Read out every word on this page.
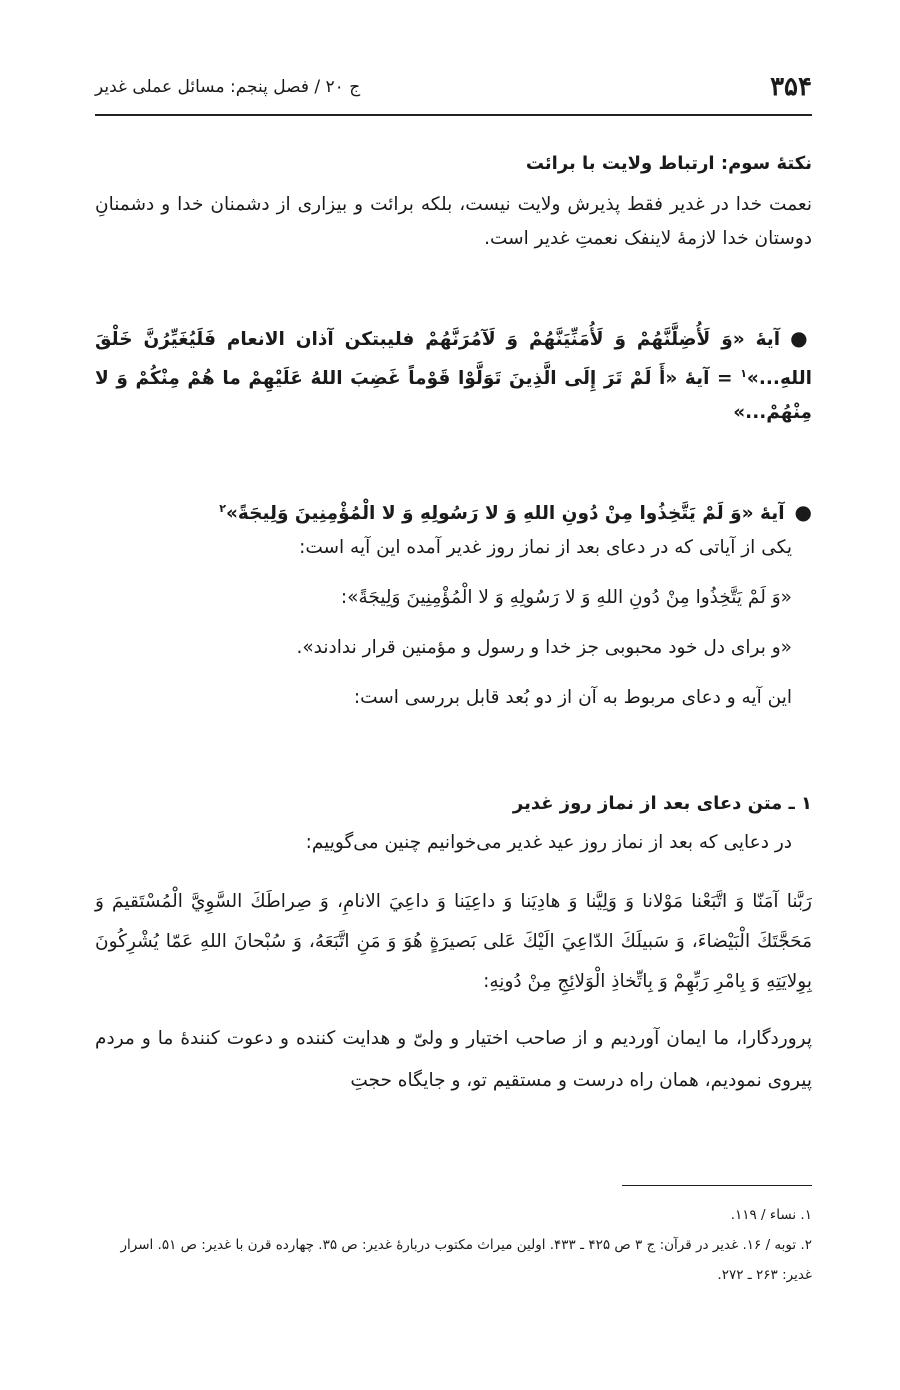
۳۵۴
ج ۲۰ / فصل پنجم: مسائل عملی غدیر
نکتهٔ سوم: ارتباط ولایت با برائت
نعمت خدا در غدیر فقط پذیرش ولایت نیست، بلکه برائت و بیزاری از دشمنان خدا و دشمنانِ دوستان خدا لازمهٔ لاینفک نعمتِ غدیر است.
●آیهٔ «وَ لَأُضِلَّنَّهُمْ وَ لَأُمَنِّيَنَّهُمْ وَ لَآمُرَنَّهُمْ فليبتكن آذان الانعام فَلَيُغَيِّرُنَّ خَلْقَ اللهِ...»$^۱$ = آیهٔ «أَ لَمْ تَرَ إِلَى الَّذِينَ تَوَلَّوْا قَوْماً غَضِبَ اللهُ عَلَيْهِمْ ما هُمْ مِنْكُمْ وَ لا مِنْهُمْ...»
●آیهٔ «وَ لَمْ يَتَّخِذُوا مِنْ دُونِ اللهِ وَ لا رَسُولِهِ وَ لا الْمُؤْمِنِينَ وَلِيجَةً»$^۲$
یکی از آیاتی که در دعای بعد از نماز روز غدیر آمده این آیه است:
«وَ لَمْ يَتَّخِذُوا مِنْ دُونِ اللهِ وَ لا رَسُولِهِ وَ لا الْمُؤْمِنِينَ وَلِيجَةً»:
«و برای دل خود محبوبی جز خدا و رسول و مؤمنین قرار ندادند».
این آیه و دعای مربوط به آن از دو بُعد قابل بررسی است:
۱ ـ متن دعای بعد از نماز روز غدیر
در دعایی که بعد از نماز روز عید غدیر می‌خوانیم چنین می‌گوییم:
رَبَّنا آمَنّا وَ اتَّبَعْنا مَوْلانا وَ وَلِيَّنا وَ هادِيَنا وَ داعِيَنا وَ داعِيَ الانامِ، وَ صِراطَكَ السَّوِيَّ الْمُسْتَقيمَ وَ مَحَجَّتَكَ الْبَيْضاءَ، وَ سَبيلَكَ الدّاعِيَ الَيْكَ عَلى بَصيرَةٍ هُوَ وَ مَنِ اتَّبَعَهُ، وَ سُبْحانَ اللهِ عَمّا يُشْرِكُونَ بِوِلايَتِهِ وَ بِامْرِ رَبِّهِمْ وَ بِاتِّخاذِ الْوَلائِجِ مِنْ دُونِهِ:
پروردگارا، ما ایمان آوردیم و از صاحب اختیار و ولیّ و هدایت کننده و دعوت کنندهٔ ما و مردم پیروی نمودیم، همان راه درست و مستقیم تو، و جایگاه حجتِ
۱. نساء / ۱۱۹.
۲. توبه / ۱۶. غدیر در قرآن: ج ۳ ص ۴۲۵ ـ ۴۳۳. اولین میراث مکتوب دربارهٔ غدیر: ص ۳۵. چهارده قرن با غدیر: ص ۵۱. اسرار غدیر: ۲۶۳ ـ ۲۷۲.
